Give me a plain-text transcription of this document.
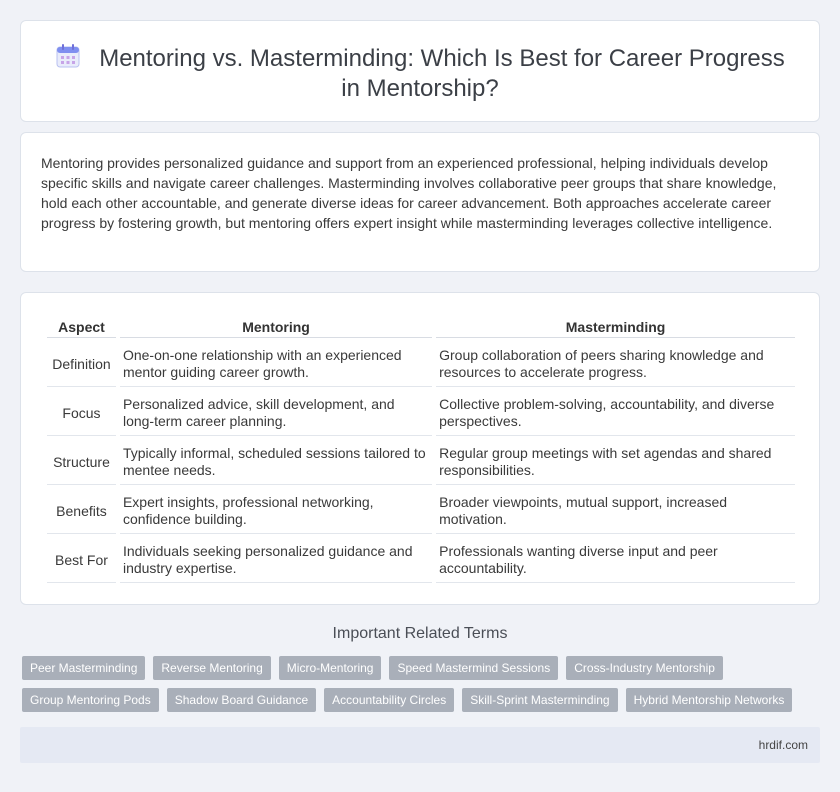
Mentoring vs. Masterminding: Which Is Best for Career Progress in Mentorship?

Mentoring provides personalized guidance and support from an experienced professional, helping individuals develop specific skills and navigate career challenges. Masterminding involves collaborative peer groups that share knowledge, hold each other accountable, and generate diverse ideas for career advancement. Both approaches accelerate career progress by fostering growth, but mentoring offers expert insight while masterminding leverages collective intelligence.

Aspect	Mentoring	Masterminding
Definition	One-on-one relationship with an experienced mentor guiding career growth.	Group collaboration of peers sharing knowledge and resources to accelerate progress.
Focus	Personalized advice, skill development, and long-term career planning.	Collective problem-solving, accountability, and diverse perspectives.
Structure	Typically informal, scheduled sessions tailored to mentee needs.	Regular group meetings with set agendas and shared responsibilities.
Benefits	Expert insights, professional networking, confidence building.	Broader viewpoints, mutual support, increased motivation.
Best For	Individuals seeking personalized guidance and industry expertise.	Professionals wanting diverse input and peer accountability.
Important Related Terms
Peer Masterminding	Reverse Mentoring	Micro-Mentoring	Speed Mastermind Sessions	Cross-Industry Mentorship
Group Mentoring Pods	Shadow Board Guidance	Accountability Circles	Skill-Sprint Masterminding	Hybrid Mentorship Networks
hrdif.com
